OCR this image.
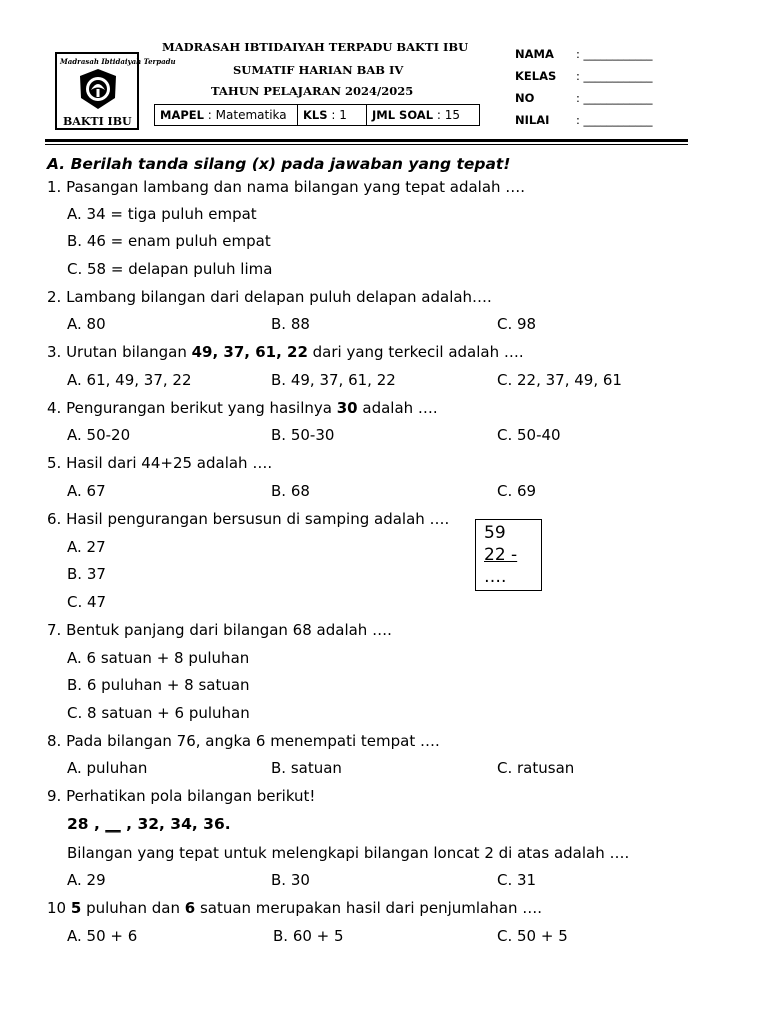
Madrasah Ibtidaiyah Terpadu
BAKTI IBU
MADRASAH IBTIDAIYAH TERPADU BAKTI IBU
SUMATIF HARIAN BAB IV
TAHUN PELAJARAN 2024/2025
MAPEL : Matematika	KLS : 1	JML SOAL : 15
NAMA : ____________
KELAS : ____________
NO	: ____________
NILAI : ____________
A. Berilah tanda silang (x) pada jawaban yang tepat!
1. Pasangan lambang dan nama bilangan yang tepat adalah ….
A. 34 = tiga puluh empat
B. 46 = enam puluh empat
C. 58 = delapan puluh lima
2. Lambang bilangan dari delapan puluh delapan adalah….
A. 80	B. 88	C. 98
3. Urutan bilangan 49, 37, 61, 22 dari yang terkecil adalah ….
A. 61, 49, 37, 22	B. 49, 37, 61, 22	C. 22, 37, 49, 61
4. Pengurangan berikut yang hasilnya 30 adalah ….
A. 50-20	B. 50-30	C. 50-40
5. Hasil dari 44+25 adalah ….
A. 67	B. 68	C. 69
6. Hasil pengurangan bersusun di samping adalah ….
A. 27
B. 37
C. 47
59
22 -
….
7. Bentuk panjang dari bilangan 68 adalah ….
A. 6 satuan + 8 puluhan
B. 6 puluhan + 8 satuan
C. 8 satuan + 6 puluhan
8. Pada bilangan 76, angka 6 menempati tempat ….
A. puluhan	B. satuan	C. ratusan
9. Perhatikan pola bilangan berikut!
28 , __ , 32, 34, 36.
Bilangan yang tepat untuk melengkapi bilangan loncat 2 di atas adalah ….
A. 29	B. 30	C. 31
10 5 puluhan dan 6 satuan merupakan hasil dari penjumlahan ….
A. 50 + 6	B. 60 + 5	C. 50 + 5
